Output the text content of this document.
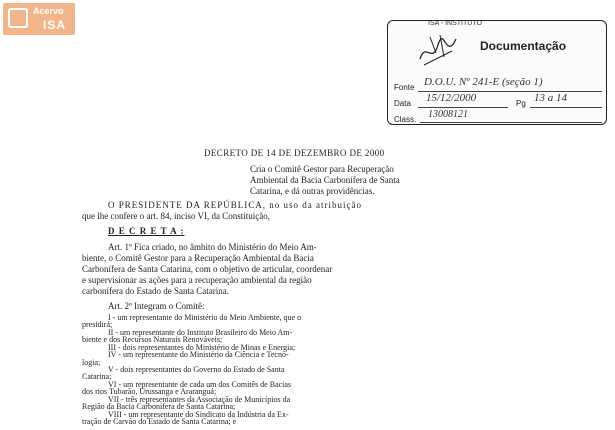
Acervo
ISA	ISA - INSTITUTO
Documentação
Fonte D.O.U. Nº 241-E (seção 1)
Data 15/12/2000	Pg 13 a 14
Class. 13008121
DECRETO DE 14 DE DEZEMBRO DE 2000
Cria o Comitê Gestor para Recuperação
Ambiental da Bacia Carbonífera de Santa
Catarina, e dá outras providências.
O PRESIDENTE DA REPÚBLICA, no uso da atribuição
que lhe confere o art. 84, inciso VI, da Constituição,
D E C R E T A :
Art. 1º Fica criado, no âmbito do Ministério do Meio Am-
biente, o Comitê Gestor para a Recuperação Ambiental da Bacia
Carbonífera de Santa Catarina, com o objetivo de articular, coordenar
e supervisionar as ações para a recuperação ambiental da região
carbonífera do Estado de Santa Catarina.
Art. 2º Integram o Comitê:
I - um representante do Ministério do Meio Ambiente, que o
presidirá;
II - um representante do Instituto Brasileiro do Meio Am-
biente e dos Recursos Naturais Renováveis;
III - dois representantes do Ministério de Minas e Energia;
IV - um representante do Ministério da Ciência e Tecno-
logia;
V - dois representantes do Governo do Estado de Santa
Catarina;
VI - um representante de cada um dos Comitês de Bacias
dos rios Tubarão, Urussanga e Araranguá;
VII - três representantes da Associação de Municípios da
Região da Bacia Carbonífera de Santa Catarina;
VIII - um representante do Sindicato da Indústria da Ex-
tração de Carvão do Estado de Santa Catarina; e
